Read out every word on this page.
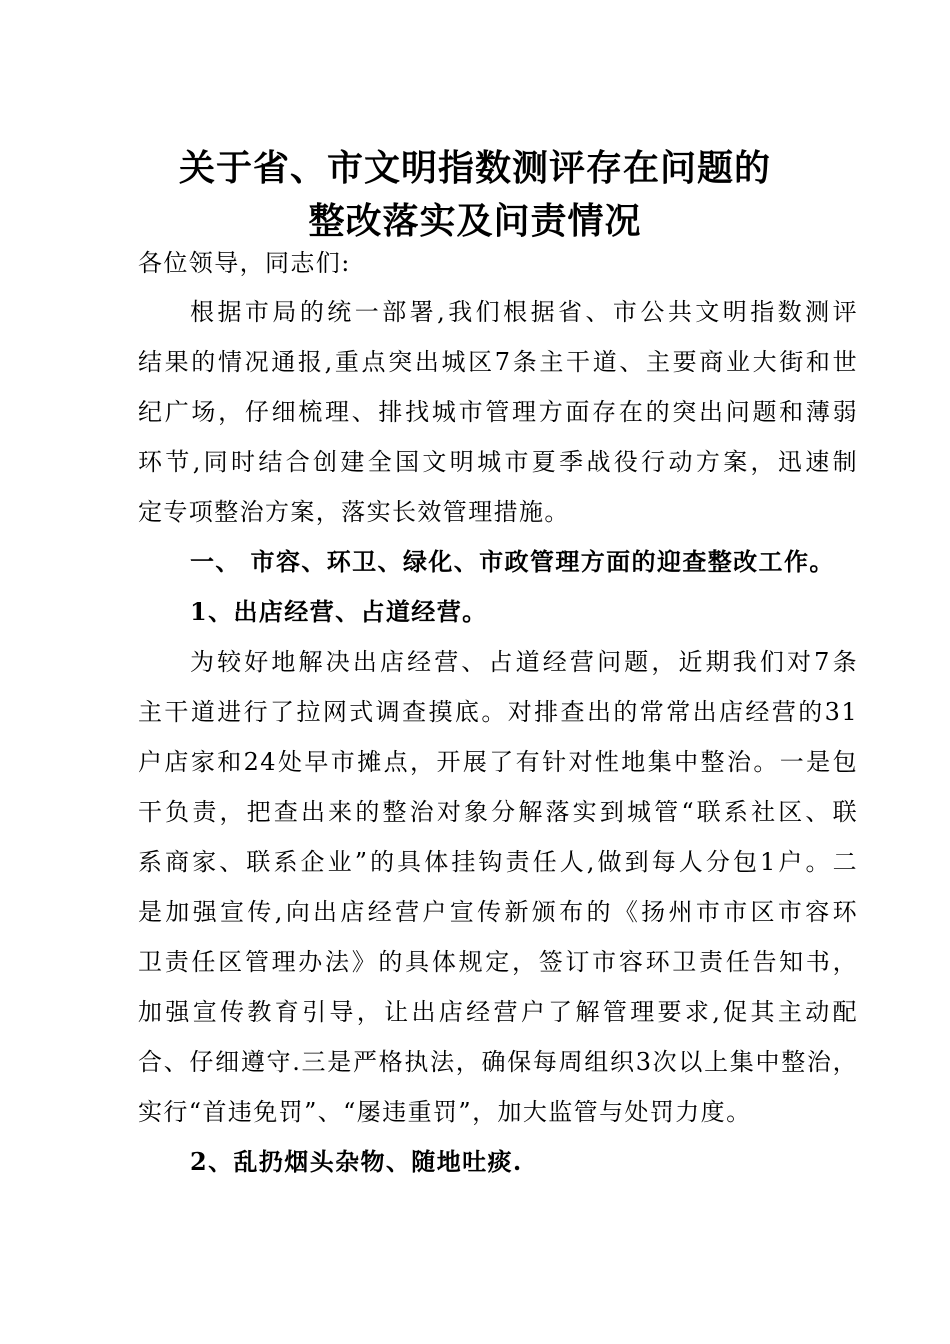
关于省、市文明指数测评存在问题的
整改落实及问责情况
各位领导，同志们:
根据市局的统一部署,我们根据省、市公共文明指数测评
结果的情况通报,重点突出城区7条主干道、主要商业大街和世
纪广场，仔细梳理、排找城市管理方面存在的突出问题和薄弱
环节,同时结合创建全国文明城市夏季战役行动方案，迅速制
定专项整治方案，落实长效管理措施。
一、 市容、环卫、绿化、市政管理方面的迎查整改工作。
1、出店经营、占道经营。
为较好地解决出店经营、占道经营问题，近期我们对7条
主干道进行了拉网式调查摸底。对排查出的常常出店经营的31
户店家和24处早市摊点，开展了有针对性地集中整治。一是包
干负责，把查出来的整治对象分解落实到城管“联系社区、联
系商家、联系企业”的具体挂钩责任人,做到每人分包1户。二
是加强宣传,向出店经营户宣传新颁布的《扬州市市区市容环
卫责任区管理办法》的具体规定，签订市容环卫责任告知书，
加强宣传教育引导，让出店经营户了解管理要求,促其主动配
合、仔细遵守.三是严格执法，确保每周组织3次以上集中整治，
实行“首违免罚”、“屡违重罚”，加大监管与处罚力度。
2、乱扔烟头杂物、随地吐痰.
